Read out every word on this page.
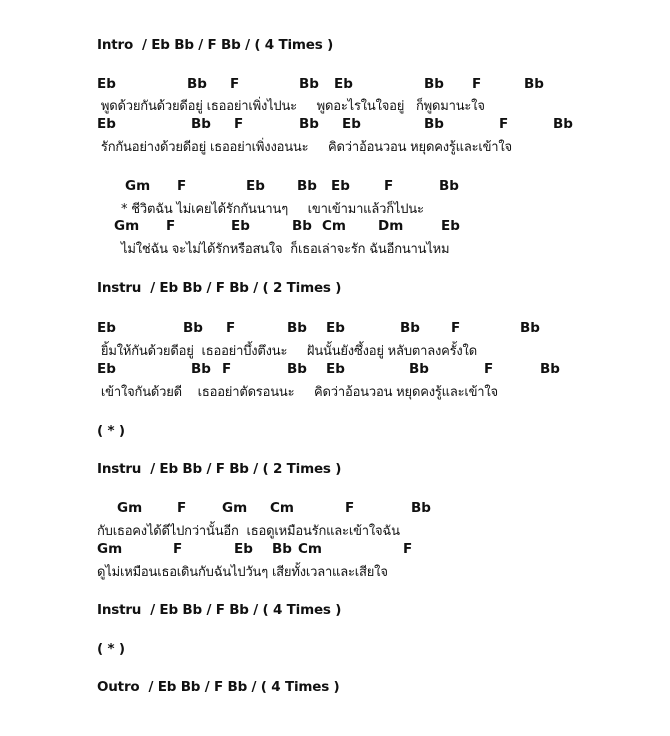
Intro  / Eb Bb / F Bb / ( 4 Times )
Eb	Bb F	Bb Eb	Bb F	Bb
พูดด้วยกันด้วยดีอยู่ เธออย่าเพิ่งไปนะ     พูดอะไรในใจอยู่   ก็พูดมานะใจ
Eb	Bb F	Bb Eb	Bb	F	Bb
รักกันอย่างด้วยดีอยู่ เธออย่าเพิ่งงอนนะ     คิดว่าอ้อนวอน หยุดคงรู้และเข้าใจ
Gm F	Eb Bb Eb	F	Bb
* ชีวิตฉัน ไม่เคยได้รักกันนานๆ     เขาเข้ามาแล้วก็ไปนะ
Gm F	Eb	Bb Cm Dm	Eb
ไม่ใช่ฉัน จะไม่ได้รักหรือสนใจ  ก็เธอเล่าจะรัก ฉันอีกนานไหม
Instru  / Eb Bb / F Bb / ( 2 Times )
Eb	Bb F	Bb Eb	Bb F	Bb
ยิ้มให้กันด้วยดีอยู่  เธออย่าบึ้งตึงนะ     ฝันนั้นยังซึ้งอยู่ หลับตาลงครั้งใด
Eb	Bb F	Bb Eb	Bb	F	Bb
เข้าใจกันด้วยดี    เธออย่าตัดรอนนะ     คิดว่าอ้อนวอน หยุดคงรู้และเข้าใจ
( * )
Instru  / Eb Bb / F Bb / ( 2 Times )
Gm	F	Gm Cm	F	Bb
กับเธอคงได้ดีไปกว่านั้นอีก  เธอดูเหมือนรักและเข้าใจฉัน
Gm	F	Eb Bb Cm	F
ดูไม่เหมือนเธอเดินกับฉันไปวันๆ เสียทั้งเวลาและเสียใจ
Instru  / Eb Bb / F Bb / ( 4 Times )
( * )
Outro  / Eb Bb / F Bb / ( 4 Times )
